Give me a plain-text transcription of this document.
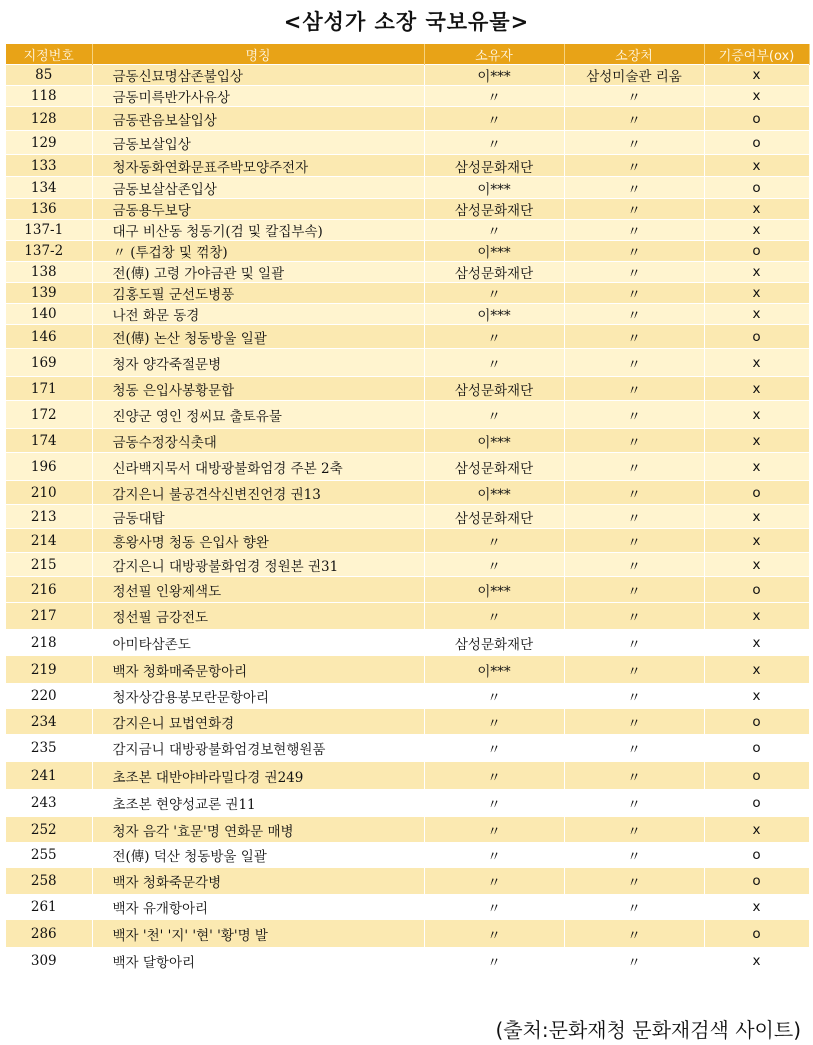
<삼성가 소장 국보유물>
지정번호	명칭	소유자	소장처	기증여부(ox)
85	금동신묘명삼존불입상	이***	삼성미술관 리움	x
118	금동미륵반가사유상	〃	〃	x
128	금동관음보살입상	〃	〃	o
129	금동보살입상	〃	〃	o
133	청자동화연화문표주박모양주전자	삼성문화재단	〃	x
134	금동보살삼존입상	이***	〃	o
136	금동용두보당	삼성문화재단	〃	x
137-1	대구 비산동 청동기(검 및 칼집부속)	〃	〃	x
137-2	〃 (투겁창 및 꺾창)	이***	〃	o
138	전(傳) 고령 가야금관 및 일괄	삼성문화재단	〃	x
139	김홍도필 군선도병풍	〃	〃	x
140	나전 화문 동경	이***	〃	x
146	전(傳) 논산 청동방울 일괄	〃	〃	o
169	청자 양각죽절문병	〃	〃	x
171	청동 은입사봉황문합	삼성문화재단	〃	x
172	진양군 영인 정씨묘 출토유물	〃	〃	x
174	금동수정장식촛대	이***	〃	x
196	신라백지묵서 대방광불화엄경 주본 2축	삼성문화재단	〃	x
210	감지은니 불공견삭신변진언경 권13	이***	〃	o
213	금동대탑	삼성문화재단	〃	x
214	흥왕사명 청동 은입사 향완	〃	〃	x
215	감지은니 대방광불화엄경 정원본 권31	〃	〃	x
216	정선필 인왕제색도	이***	〃	o
217	정선필 금강전도	〃	〃	x
218	아미타삼존도	삼성문화재단	〃	x
219	백자 청화매죽문항아리	이***	〃	x
220	청자상감용봉모란문항아리	〃	〃	x
234	감지은니 묘법연화경	〃	〃	o
235	감지금니 대방광불화엄경보현행원품	〃	〃	o
241	초조본 대반야바라밀다경 권249	〃	〃	o
243	초조본 현양성교론 권11	〃	〃	o
252	청자 음각 '효문'명 연화문 매병	〃	〃	x
255	전(傳) 덕산 청동방울 일괄	〃	〃	o
258	백자 청화죽문각병	〃	〃	o
261	백자 유개항아리	〃	〃	x
286	백자 '천' '지' '현' '황'명 발	〃	〃	o
309	백자 달항아리	〃	〃	x
(출처:문화재청 문화재검색 사이트)
